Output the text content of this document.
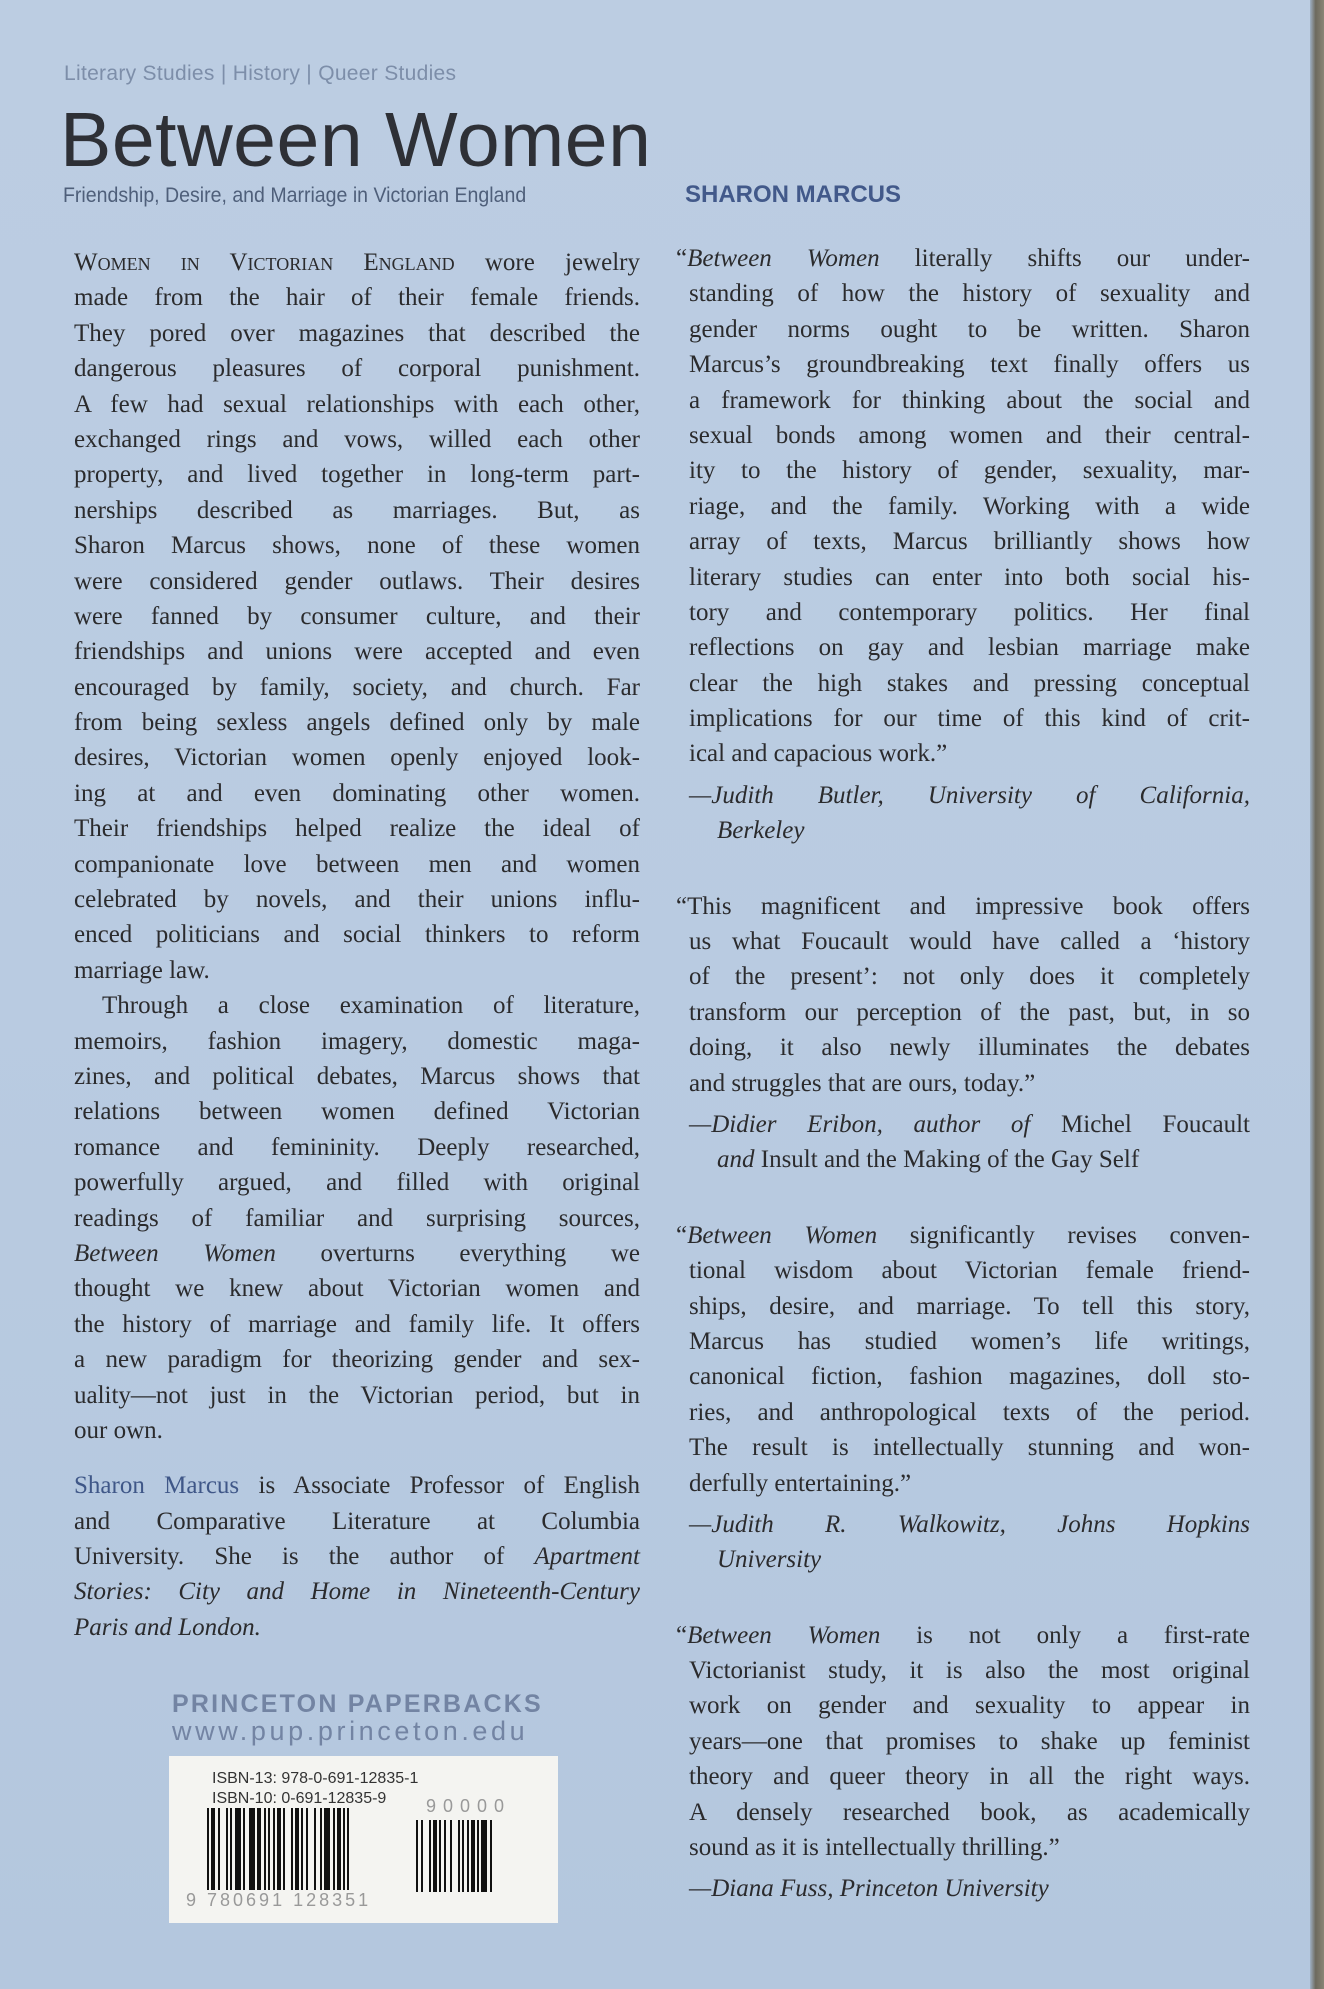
Literary Studies | History | Queer Studies
Between Women
Friendship, Desire, and Marriage in Victorian England	SHARON MARCUS
Women in Victorian England wore jewelry
made from the hair of their female friends.
They pored over magazines that described the
dangerous pleasures of corporal punishment.
A few had sexual relationships with each other,
exchanged rings and vows, willed each other
property, and lived together in long-term part-
nerships described as marriages. But, as
Sharon Marcus shows, none of these women
were considered gender outlaws. Their desires
were fanned by consumer culture, and their
friendships and unions were accepted and even
encouraged by family, society, and church. Far
from being sexless angels defined only by male
desires, Victorian women openly enjoyed look-
ing at and even dominating other women.
Their friendships helped realize the ideal of
companionate love between men and women
celebrated by novels, and their unions influ-
enced politicians and social thinkers to reform
marriage law.
Through a close examination of literature,
memoirs, fashion imagery, domestic maga-
zines, and political debates, Marcus shows that
relations between women defined Victorian
romance and femininity. Deeply researched,
powerfully argued, and filled with original
readings of familiar and surprising sources,
Between Women overturns everything we
thought we knew about Victorian women and
the history of marriage and family life. It offers
a new paradigm for theorizing gender and sex-
uality—not just in the Victorian period, but in
our own.
Sharon Marcus is Associate Professor of English
and Comparative Literature at Columbia
University. She is the author of Apartment
Stories: City and Home in Nineteenth-Century
Paris and London.
“Between Women literally shifts our under-
standing of how the history of sexuality and
gender norms ought to be written. Sharon
Marcus’s groundbreaking text finally offers us
a framework for thinking about the social and
sexual bonds among women and their central-
ity to the history of gender, sexuality, mar-
riage, and the family. Working with a wide
array of texts, Marcus brilliantly shows how
literary studies can enter into both social his-
tory and contemporary politics. Her final
reflections on gay and lesbian marriage make
clear the high stakes and pressing conceptual
implications for our time of this kind of crit-
ical and capacious work.”
—Judith Butler, University of California,
Berkeley
“This magnificent and impressive book offers
us what Foucault would have called a ‘history
of the present’: not only does it completely
transform our perception of the past, but, in so
doing, it also newly illuminates the debates
and struggles that are ours, today.”
—Didier Eribon, author of Michel Foucault
and Insult and the Making of the Gay Self
“Between Women significantly revises conven-
tional wisdom about Victorian female friend-
ships, desire, and marriage. To tell this story,
Marcus has studied women’s life writings,
canonical fiction, fashion magazines, doll sto-
ries, and anthropological texts of the period.
The result is intellectually stunning and won-
derfully entertaining.”
—Judith R. Walkowitz, Johns Hopkins
University
“Between Women is not only a first-rate
Victorianist study, it is also the most original
work on gender and sexuality to appear in
years—one that promises to shake up feminist
theory and queer theory in all the right ways.
A densely researched book, as academically
sound as it is intellectually thrilling.”
—Diana Fuss, Princeton University
PRINCETON PAPERBACKS
www.pup.princeton.edu
ISBN-13: 978-0-691-12835-1
ISBN-10: 0-691-12835-9
9 780691 128351
90000
